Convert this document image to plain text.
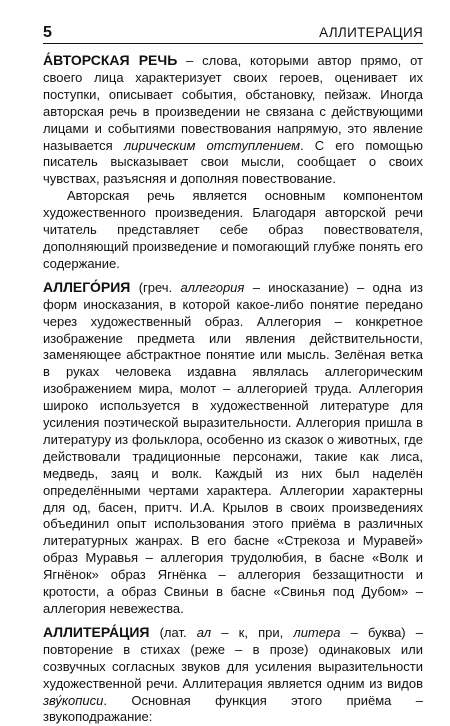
5	АЛЛИТЕРАЦИЯ

А́ВТОРСКАЯ РЕЧЬ – слова, которыми автор прямо, от своего лица характеризует своих героев, оценивает их поступки, описывает события, обстановку, пейзаж. Иногда авторская речь в произведении не связана с действующими лицами и событиями повествования напрямую, это явление называется лирическим отступлением. С его помощью писатель высказывает свои мысли, сообщает о своих чувствах, разъясняя и дополняя повествование.

Авторская речь является основным компонентом художественного произведения. Благодаря авторской речи читатель представляет себе образ повествователя, дополняющий произведение и помогающий глубже понять его содержание.

АЛЛЕГО́РИЯ (греч. аллегория – иносказание) – одна из форм иносказания, в которой какое-либо понятие передано через художественный образ. Аллегория – конкретное изображение предмета или явления действительности, заменяющее абстрактное понятие или мысль. Зелёная ветка в руках человека издавна являлась аллегорическим изображением мира, молот – аллегорией труда. Аллегория широко используется в художественной литературе для усиления поэтической выразительности. Аллегория пришла в литературу из фольклора, особенно из сказок о животных, где действовали традиционные персонажи, такие как лиса, медведь, заяц и волк. Каждый из них был наделён определёнными чертами характера. Аллегории характерны для од, басен, притч. И.А. Крылов в своих произведениях объединил опыт использования этого приёма в различных литературных жанрах. В его басне «Стрекоза и Муравей» образ Муравья – аллегория трудолюбия, в басне «Волк и Ягнёнок» образ Ягнёнка – аллегория беззащитности и кротости, а образ Свиньи в басне «Свинья под Дубом» – аллегория невежества.

АЛЛИТЕРА́ЦИЯ (лат. ал – к, при, литера – буква) – повторение в стихах (реже – в прозе) одинаковых или созвучных согласных звуков для усиления выразительности художественной речи. Аллитерация является одним из видов зву́кописи. Основная функция этого приёма – звукоподражание:
